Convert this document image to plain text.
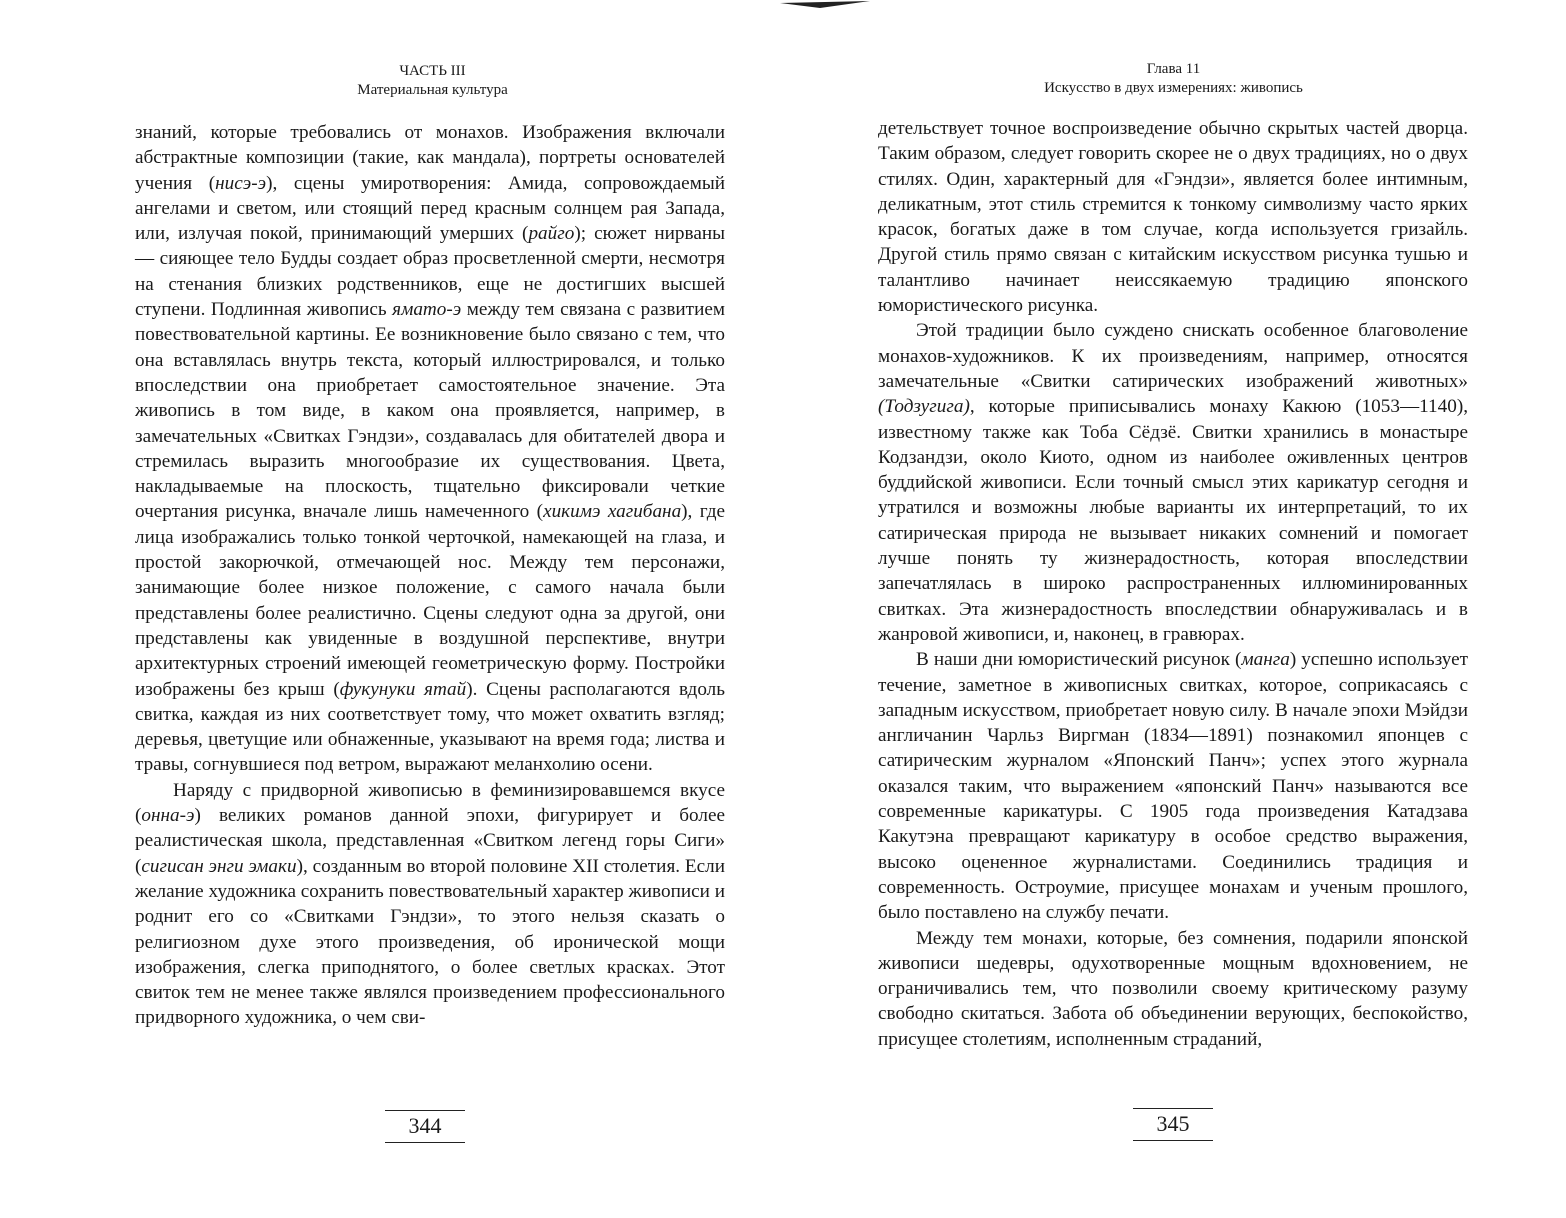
ЧАСТЬ III
Материальная культура

знаний, которые требовались от монахов. Изображения включали абстрактные композиции (такие, как мандала), портреты основателей учения (нисэ-э), сцены умиротворения: Амида, сопровождаемый ангелами и светом, или стоящий перед красным солнцем рая Запада, или, излучая покой, принимающий умерших (райго); сюжет нирваны — сияющее тело Будды создает образ просветленной смерти, несмотря на стенания близких родственников, еще не достигших высшей ступени. Подлинная живопись ямато-э между тем связана с развитием повествовательной картины. Ее возникновение было связано с тем, что она вставлялась внутрь текста, который иллюстрировался, и только впоследствии она приобретает самостоятельное значение. Эта живопись в том виде, в каком она проявляется, например, в замечательных «Свитках Гэндзи», создавалась для обитателей двора и стремилась выразить многообразие их существования. Цвета, накладываемые на плоскость, тщательно фиксировали четкие очертания рисунка, вначале лишь намеченного (хикимэ хагибана), где лица изображались только тонкой черточкой, намекающей на глаза, и простой закорючкой, отмечающей нос. Между тем персонажи, занимающие более низкое положение, с самого начала были представлены более реалистично. Сцены следуют одна за другой, они представлены как увиденные в воздушной перспективе, внутри архитектурных строений имеющей геометрическую форму. Постройки изображены без крыш (фукунуки ятай). Сцены располагаются вдоль свитка, каждая из них соответствует тому, что может охватить взгляд; деревья, цветущие или обнаженные, указывают на время года; листва и травы, согнувшиеся под ветром, выражают меланхолию осени.

Наряду с придворной живописью в феминизировавшемся вкусе (онна-э) великих романов данной эпохи, фигурирует и более реалистическая школа, представленная «Свитком легенд горы Сиги» (сигисан энги эмаки), созданным во второй половине XII столетия. Если желание художника сохранить повествовательный характер живописи и роднит его со «Свитками Гэндзи», то этого нельзя сказать о религиозном духе этого произведения, об иронической мощи изображения, слегка приподнятого, о более светлых красках. Этот свиток тем не менее также являлся произведением профессионального придворного художника, о чем сви-

344
Глава 11
Искусство в двух измерениях: живопись

детельствует точное воспроизведение обычно скрытых частей дворца. Таким образом, следует говорить скорее не о двух традициях, но о двух стилях. Один, характерный для «Гэндзи», является более интимным, деликатным, этот стиль стремится к тонкому символизму часто ярких красок, богатых даже в том случае, когда используется гризайль. Другой стиль прямо связан с китайским искусством рисунка тушью и талантливо начинает неиссякаемую традицию японского юмористического рисунка.

Этой традиции было суждено снискать особенное благоволение монахов-художников. К их произведениям, например, относятся замечательные «Свитки сатирических изображений животных» (Тодзугига), которые приписывались монаху Какюю (1053—1140), известному также как Тоба Сёдзё. Свитки хранились в монастыре Кодзандзи, около Киото, одном из наиболее оживленных центров буддийской живописи. Если точный смысл этих карикатур сегодня и утратился и возможны любые варианты их интерпретаций, то их сатирическая природа не вызывает никаких сомнений и помогает лучше понять ту жизнерадостность, которая впоследствии запечатлялась в широко распространенных иллюминированных свитках. Эта жизнерадостность впоследствии обнаруживалась и в жанровой живописи, и, наконец, в гравюрах.

В наши дни юмористический рисунок (манга) успешно использует течение, заметное в живописных свитках, которое, соприкасаясь с западным искусством, приобретает новую силу. В начале эпохи Мэйдзи англичанин Чарльз Виргман (1834—1891) познакомил японцев с сатирическим журналом «Японский Панч»; успех этого журнала оказался таким, что выражением «японский Панч» называются все современные карикатуры. С 1905 года произведения Катадзава Какутэна превращают карикатуру в особое средство выражения, высоко оцененное журналистами. Соединились традиция и современность. Остроумие, присущее монахам и ученым прошлого, было поставлено на службу печати.

Между тем монахи, которые, без сомнения, подарили японской живописи шедевры, одухотворенные мощным вдохновением, не ограничивались тем, что позволили своему критическому разуму свободно скитаться. Забота об объединении верующих, беспокойство, присущее столетиям, исполненным страданий,

345
